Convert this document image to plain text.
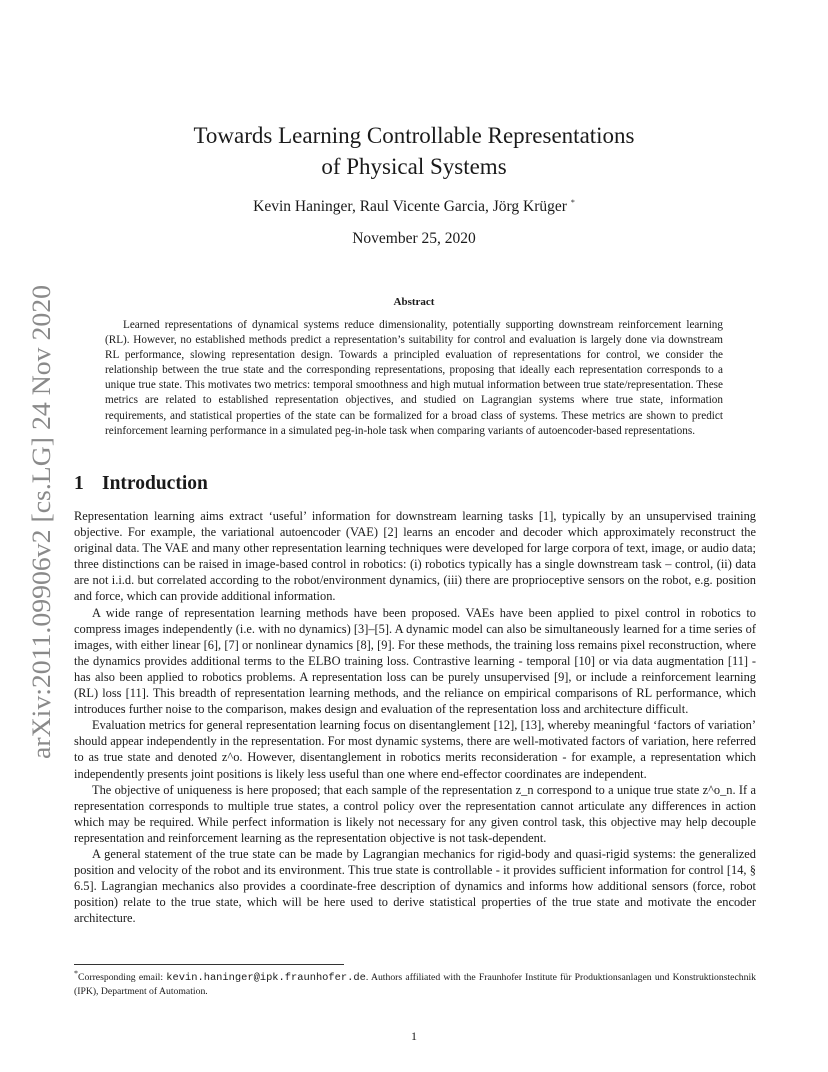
arXiv:2011.09906v2 [cs.LG] 24 Nov 2020
Towards Learning Controllable Representations
of Physical Systems
Kevin Haninger, Raul Vicente Garcia, Jörg Krüger *
November 25, 2020
Abstract
Learned representations of dynamical systems reduce dimensionality, potentially supporting downstream reinforcement learning (RL). However, no established methods predict a representation’s suitability for control and evaluation is largely done via downstream RL performance, slowing representation design. Towards a principled evaluation of representations for control, we consider the relationship between the true state and the corresponding representations, proposing that ideally each representation corresponds to a unique true state. This motivates two metrics: temporal smoothness and high mutual information between true state/representation. These metrics are related to established representation objectives, and studied on Lagrangian systems where true state, information requirements, and statistical properties of the state can be formalized for a broad class of systems. These metrics are shown to predict reinforcement learning performance in a simulated peg-in-hole task when comparing variants of autoencoder-based representations.
1 Introduction

Representation learning aims extract ‘useful’ information for downstream learning tasks [1], typically by an unsupervised training objective. For example, the variational autoencoder (VAE) [2] learns an encoder and decoder which approximately reconstruct the original data. The VAE and many other representation learning techniques were developed for large corpora of text, image, or audio data; three distinctions can be raised in image-based control in robotics: (i) robotics typically has a single downstream task – control, (ii) data are not i.i.d. but correlated according to the robot/environment dynamics, (iii) there are proprioceptive sensors on the robot, e.g. position and force, which can provide additional information.

A wide range of representation learning methods have been proposed. VAEs have been applied to pixel control in robotics to compress images independently (i.e. with no dynamics) [3]–[5]. A dynamic model can also be simultaneously learned for a time series of images, with either linear [6], [7] or nonlinear dynamics [8], [9]. For these methods, the training loss remains pixel reconstruction, where the dynamics provides additional terms to the ELBO training loss. Contrastive learning - temporal [10] or via data augmentation [11] - has also been applied to robotics problems. A representation loss can be purely unsupervised [9], or include a reinforcement learning (RL) loss [11]. This breadth of representation learning methods, and the reliance on empirical comparisons of RL performance, which introduces further noise to the comparison, makes design and evaluation of the representation loss and architecture difficult.

Evaluation metrics for general representation learning focus on disentanglement [12], [13], whereby meaningful ‘factors of variation’ should appear independently in the representation. For most dynamic systems, there are well-motivated factors of variation, here referred to as true state and denoted z^o. However, disentanglement in robotics merits reconsideration - for example, a representation which independently presents joint positions is likely less useful than one where end-effector coordinates are independent.

The objective of uniqueness is here proposed; that each sample of the representation z_n correspond to a unique true state z^o_n. If a representation corresponds to multiple true states, a control policy over the representation cannot articulate any differences in action which may be required. While perfect information is likely not necessary for any given control task, this objective may help decouple representation and reinforcement learning as the representation objective is not task-dependent.

A general statement of the true state can be made by Lagrangian mechanics for rigid-body and quasi-rigid systems: the generalized position and velocity of the robot and its environment. This true state is controllable - it provides sufficient information for control [14, § 6.5]. Lagrangian mechanics also provides a coordinate-free description of dynamics and informs how additional sensors (force, robot position) relate to the true state, which will be here used to derive statistical properties of the true state and motivate the encoder architecture.

*Corresponding email: kevin.haninger@ipk.fraunhofer.de. Authors affiliated with the Fraunhofer Institute für Produktionsanlagen und Konstruktionstechnik (IPK), Department of Automation.
1
